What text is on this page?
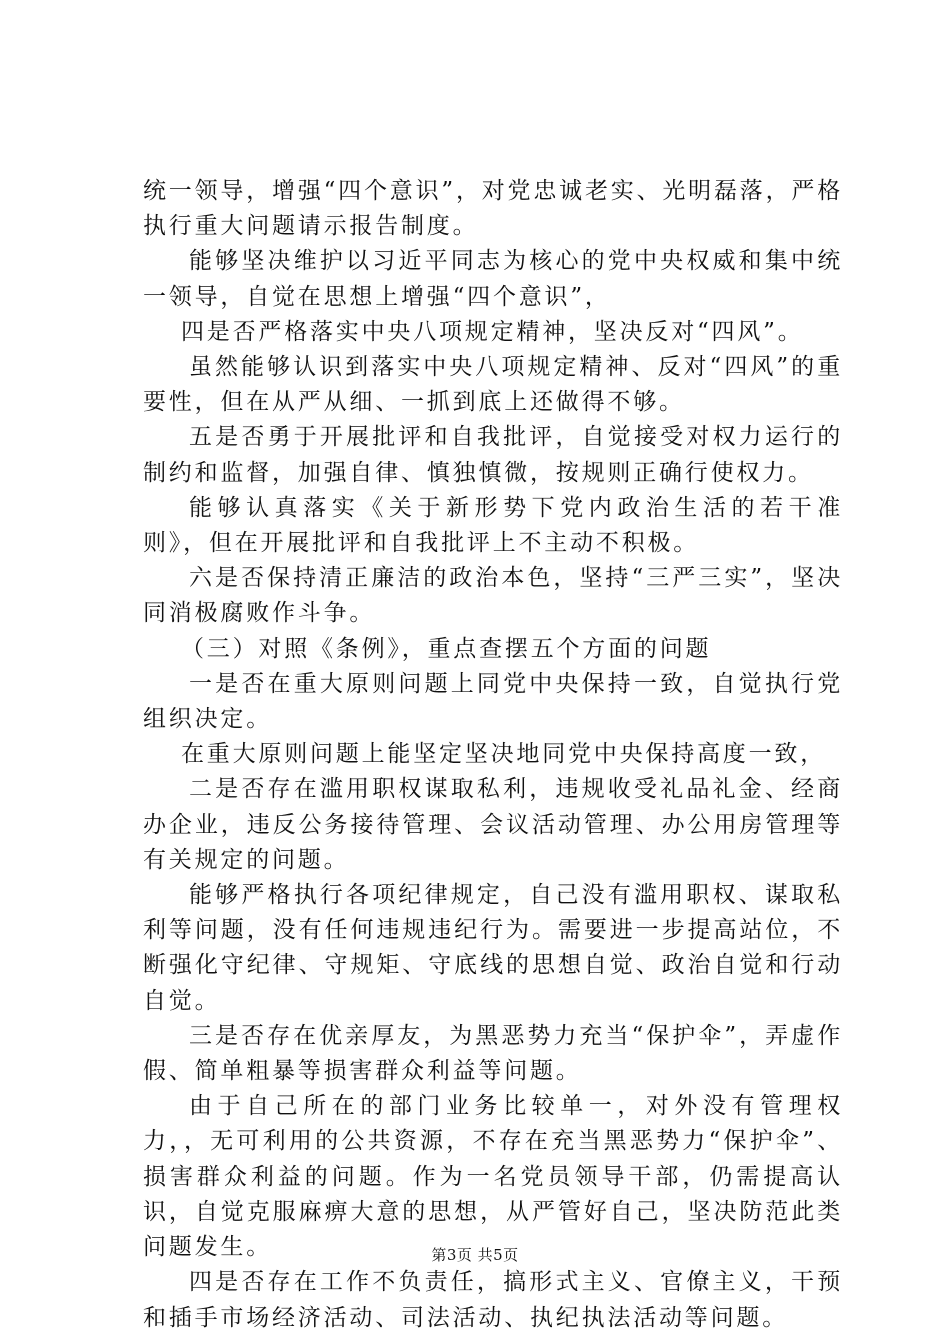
统一领导，增强“四个意识”，对党忠诚老实、光明磊落，严格执行重大问题请示报告制度。

能够坚决维护以习近平同志为核心的党中央权威和集中统一领导，自觉在思想上增强“四个意识”，

四是否严格落实中央八项规定精神，坚决反对“四风”。

虽然能够认识到落实中央八项规定精神、反对“四风”的重要性，但在从严从细、一抓到底上还做得不够。

五是否勇于开展批评和自我批评，自觉接受对权力运行的制约和监督，加强自律、慎独慎微，按规则正确行使权力。

能够认真落实《关于新形势下党内政治生活的若干准则》，但在开展批评和自我批评上不主动不积极。

六是否保持清正廉洁的政治本色，坚持“三严三实”，坚决同消极腐败作斗争。

（三）对照《条例》，重点查摆五个方面的问题

一是否在重大原则问题上同党中央保持一致，自觉执行党组织决定。

在重大原则问题上能坚定坚决地同党中央保持高度一致，

二是否存在滥用职权谋取私利，违规收受礼品礼金、经商办企业，违反公务接待管理、会议活动管理、办公用房管理等有关规定的问题。

能够严格执行各项纪律规定，自己没有滥用职权、谋取私利等问题，没有任何违规违纪行为。需要进一步提高站位，不断强化守纪律、守规矩、守底线的思想自觉、政治自觉和行动自觉。

三是否存在优亲厚友，为黑恶势力充当“保护伞”，弄虚作假、简单粗暴等损害群众利益等问题。

由于自己所在的部门业务比较单一，对外没有管理权力，，无可利用的公共资源，不存在充当黑恶势力“保护伞”、损害群众利益的问题。作为一名党员领导干部，仍需提高认识，自觉克服麻痹大意的思想，从严管好自己，坚决防范此类问题发生。

四是否存在工作不负责任，搞形式主义、官僚主义，干预和插手市场经济活动、司法活动、执纪执法活动等问题。

第3页 共5页
